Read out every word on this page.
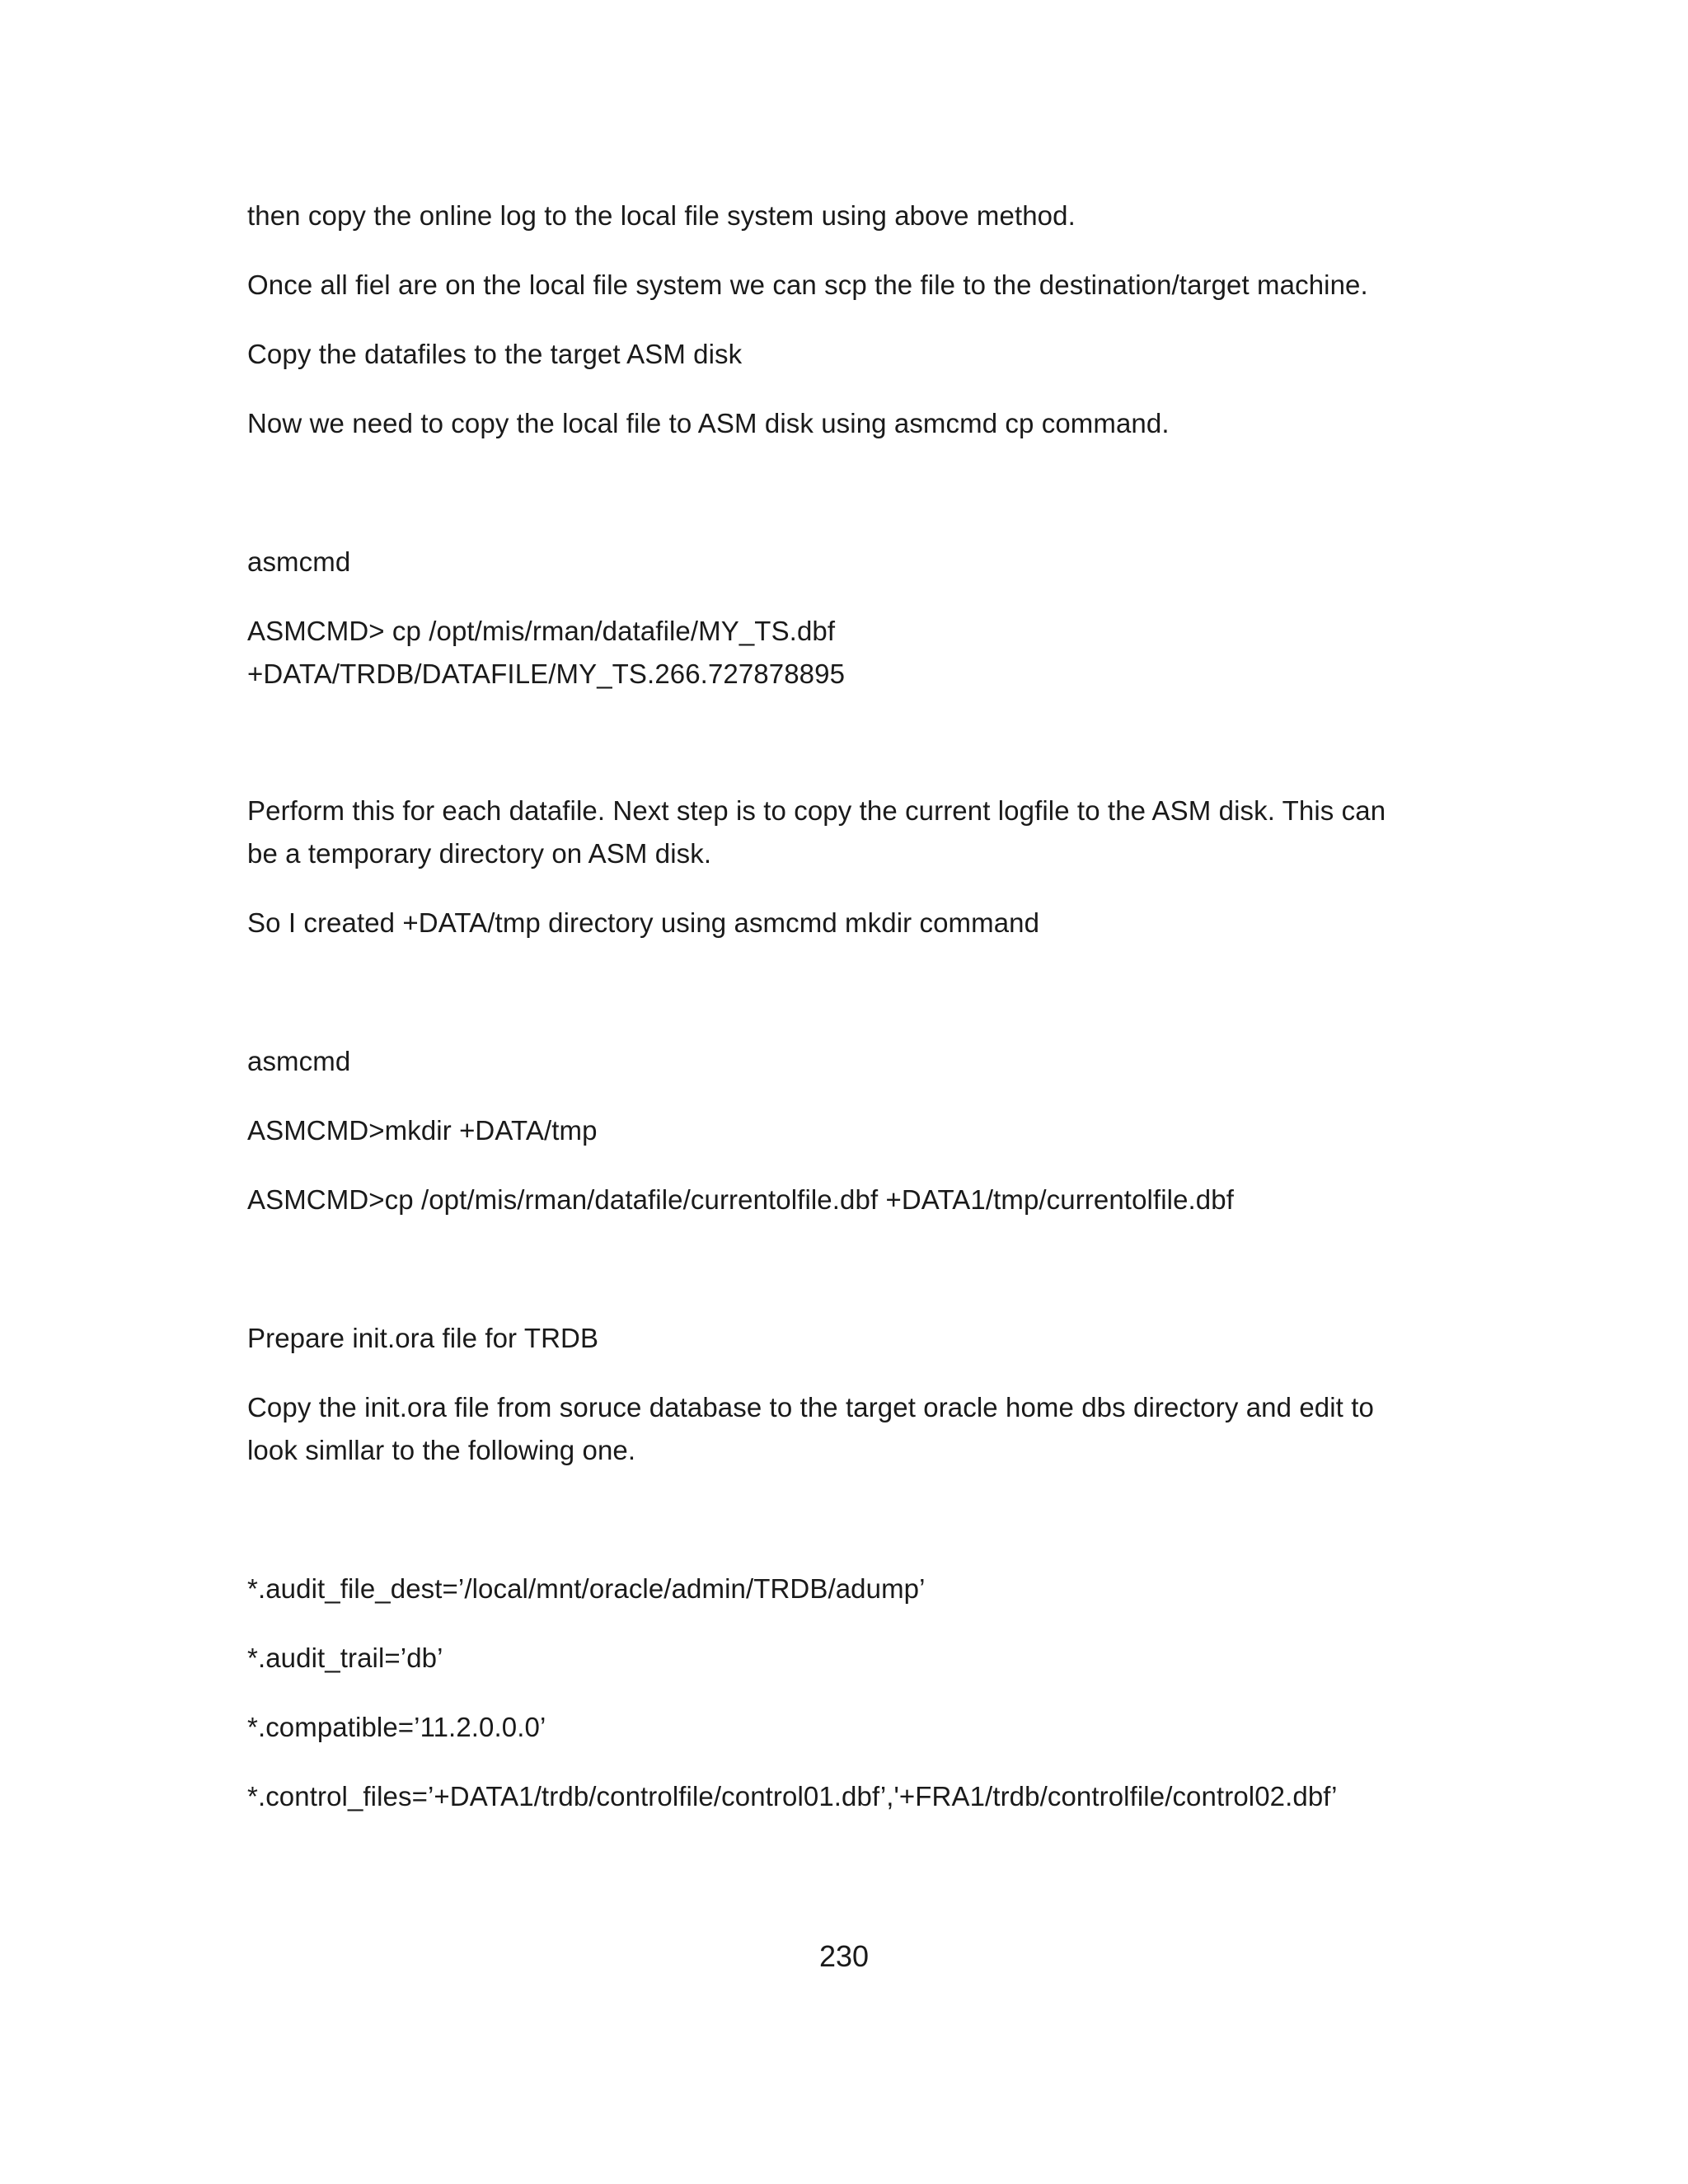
then copy the online log to the local file system using above method.
Once all fiel are on the local file system we can scp the file to the destination/target machine.
Copy the datafiles to the target ASM disk
Now we need to copy the local file to ASM disk using asmcmd cp command.
asmcmd
ASMCMD> cp /opt/mis/rman/datafile/MY_TS.dbf
+DATA/TRDB/DATAFILE/MY_TS.266.727878895
Perform this for each datafile. Next step is to copy the current logfile to the ASM disk. This can
be a temporary directory on ASM disk.
So I created +DATA/tmp directory using asmcmd mkdir command
asmcmd
ASMCMD>mkdir +DATA/tmp
ASMCMD>cp /opt/mis/rman/datafile/currentolfile.dbf +DATA1/tmp/currentolfile.dbf
Prepare init.ora file for TRDB
Copy the init.ora file from soruce database to the target oracle home dbs directory and edit to
look simllar to the following one.
*.audit_file_dest=’/local/mnt/oracle/admin/TRDB/adump’
*.audit_trail=’db’
*.compatible=’11.2.0.0.0’
*.control_files=’+DATA1/trdb/controlfile/control01.dbf’,'+FRA1/trdb/controlfile/control02.dbf’
230
